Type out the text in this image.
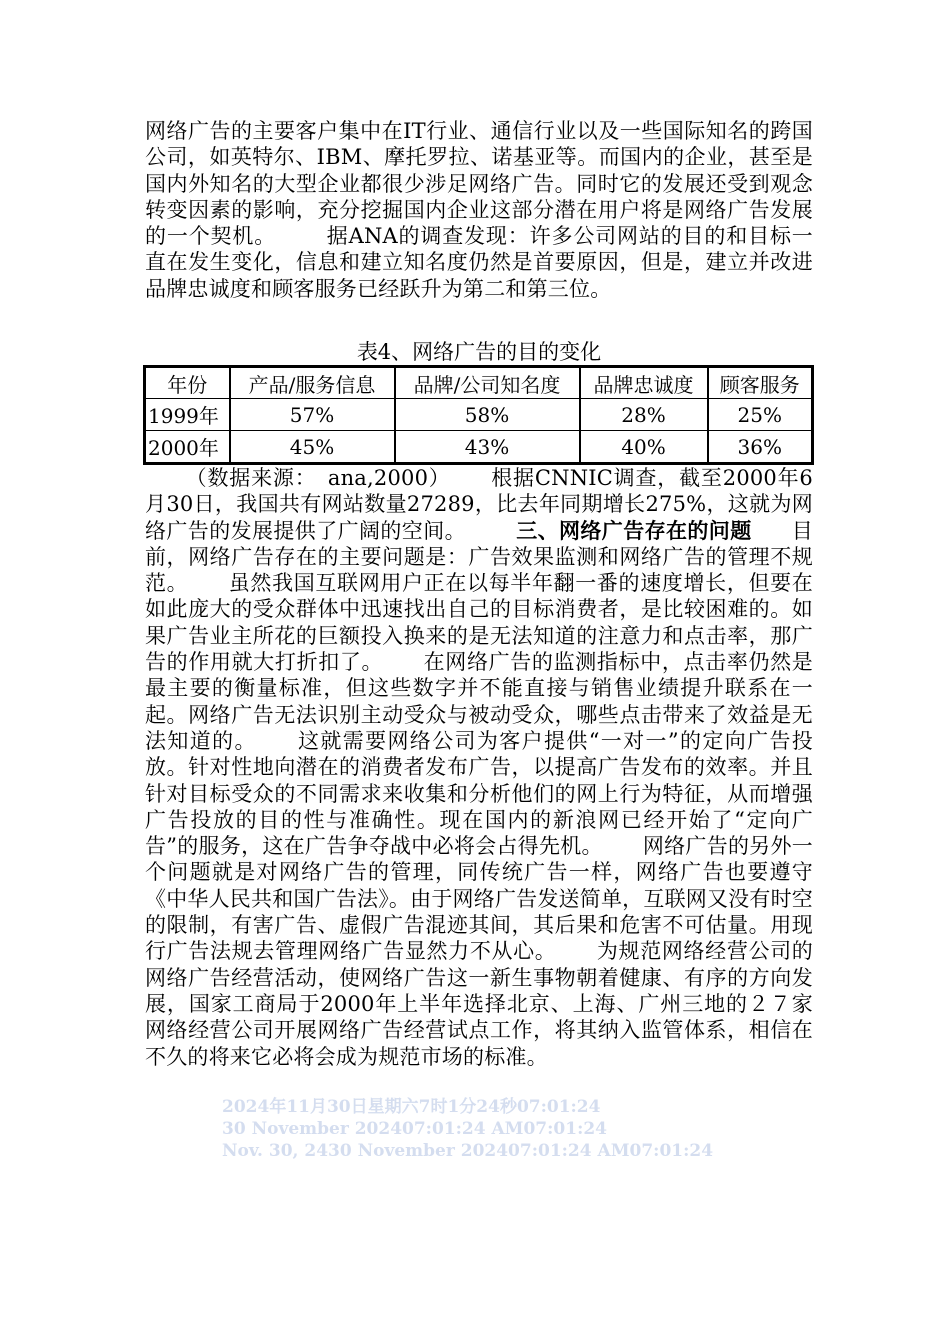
网络广告的主要客户集中在IT行业、通信行业以及一些国际知名的跨国公司，如英特尔、IBM、摩托罗拉、诺基亚等。而国内的企业，甚至是国内外知名的大型企业都很少涉足网络广告。同时它的发展还受到观念转变因素的影响，充分挖掘国内企业这部分潜在用户将是网络广告发展的一个契机。 据ANA的调查发现：许多公司网站的目的和目标一直在发生变化，信息和建立知名度仍然是首要原因，但是，建立并改进品牌忠诚度和顾客服务已经跃升为第二和第三位。
表4、网络广告的目的变化
年份	产品/服务信息	品牌/公司知名度	品牌忠诚度	顾客服务
1999年	57%	58%	28%	25%
2000年	45%	43%	40%	36%
（数据来源：　ana,2000） 根据CNNIC调查，截至2000年6月30日，我国共有网站数量27289，比去年同期增长275%，这就为网络广告的发展提供了广阔的空间。 三、网络广告存在的问题 目前，网络广告存在的主要问题是：广告效果监测和网络广告的管理不规范。 虽然我国互联网用户正在以每半年翻一番的速度增长，但要在如此庞大的受众群体中迅速找出自己的目标消费者，是比较困难的。如果广告业主所花的巨额投入换来的是无法知道的注意力和点击率，那广告的作用就大打折扣了。 在网络广告的监测指标中，点击率仍然是最主要的衡量标准，但这些数字并不能直接与销售业绩提升联系在一起。网络广告无法识别主动受众与被动受众，哪些点击带来了效益是无法知道的。 这就需要网络公司为客户提供“一对一”的定向广告投放。针对性地向潜在的消费者发布广告，以提高广告发布的效率。并且针对目标受众的不同需求来收集和分析他们的网上行为特征，从而增强广告投放的目的性与准确性。现在国内的新浪网已经开始了“定向广告”的服务，这在广告争夺战中必将会占得先机。 网络广告的另外一个问题就是对网络广告的管理，同传统广告一样，网络广告也要遵守《中华人民共和国广告法》。由于网络广告发送简单，互联网又没有时空的限制，有害广告、虚假广告混迹其间，其后果和危害不可估量。用现行广告法规去管理网络广告显然力不从心。 为规范网络经营公司的网络广告经营活动，使网络广告这一新生事物朝着健康、有序的方向发展，国家工商局于2000年上半年选择北京、上海、广州三地的２７家网络经营公司开展网络广告经营试点工作，将其纳入监管体系，相信在不久的将来它必将会成为规范市场的标准。
2024年11月30日星期六7时1分24秒07:01:24
30 November 202407:01:24 AM07:01:24
Nov. 30, 2430 November 202407:01:24 AM07:01:24
